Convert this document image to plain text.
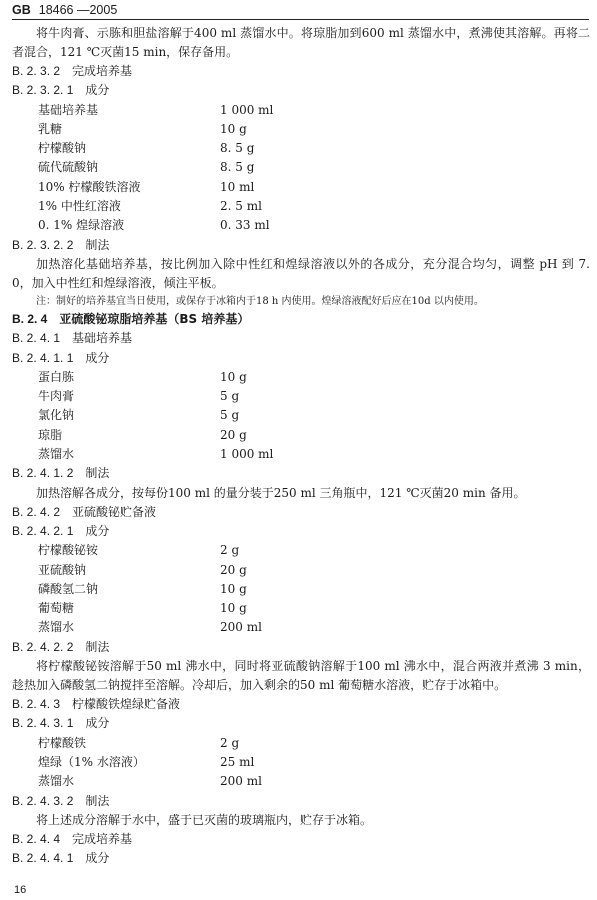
GB 18466 —2005

将牛肉膏、示胨和胆盐溶解于400 ml 蒸馏水中。将琼脂加到600 ml 蒸馏水中，煮沸使其溶解。再将二者混合，121 ℃灭菌15 min，保存备用。

B. 2. 3. 2 完成培养基
B. 2. 3. 2. 1 成分
基础培养基	1 000 ml
乳糖	10 g
柠檬酸钠	8. 5 g
硫代硫酸钠	8. 5 g
10% 柠檬酸铁溶液	10 ml
1% 中性红溶液	2. 5 ml
0. 1% 煌绿溶液	0. 33 ml
B. 2. 3. 2. 2 制法

加热溶化基础培养基，按比例加入除中性红和煌绿溶液以外的各成分，充分混合均匀，调整 pH 到 7. 0，加入中性红和煌绿溶液，倾注平板。

注：制好的培养基宜当日使用，或保存于冰箱内于18 h 内使用。煌绿溶液配好后应在10d 以内使用。
B. 2. 4 亚硫酸铋琼脂培养基（BS 培养基）
B. 2. 4. 1 基础培养基
B. 2. 4. 1. 1 成分
蛋白胨	10 g
牛肉膏	5 g
氯化钠	5 g
琼脂	20 g
蒸馏水	1 000 ml
B. 2. 4. 1. 2 制法

加热溶解各成分，按每份100 ml 的量分装于250 ml 三角瓶中，121 ℃灭菌20 min 备用。

B. 2. 4. 2 亚硫酸铋贮备液
B. 2. 4. 2. 1 成分
柠檬酸铋铵	2 g
亚硫酸钠	20 g
磷酸氢二钠	10 g
葡萄糖	10 g
蒸馏水	200 ml
B. 2. 4. 2. 2 制法

将柠檬酸铋铵溶解于50 ml 沸水中，同时将亚硫酸钠溶解于100 ml 沸水中，混合两液并煮沸 3 min，趁热加入磷酸氢二钠搅拌至溶解。冷却后，加入剩余的50 ml 葡萄糖水溶液，贮存于冰箱中。

B. 2. 4. 3 柠檬酸铁煌绿贮备液
B. 2. 4. 3. 1 成分
柠檬酸铁	2 g
煌绿（1% 水溶液）	25 ml
蒸馏水	200 ml
B. 2. 4. 3. 2 制法

将上述成分溶解于水中，盛于已灭菌的玻璃瓶内，贮存于冰箱。

B. 2. 4. 4 完成培养基
B. 2. 4. 4. 1 成分
16
